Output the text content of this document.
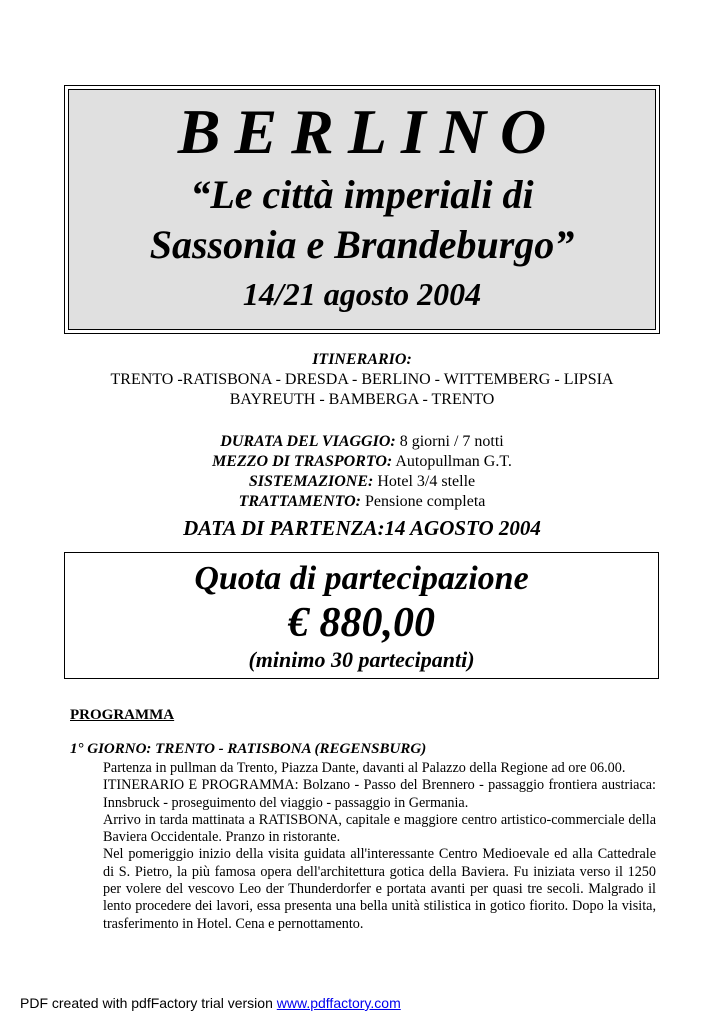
BERLINO
“Le città imperiali di
Sassonia e Brandeburgo”
14/21 agosto 2004
ITINERARIO:
TRENTO -RATISBONA - DRESDA - BERLINO - WITTEMBERG - LIPSIA
BAYREUTH - BAMBERGA - TRENTO
DURATA DEL VIAGGIO: 8 giorni / 7 notti
MEZZO DI TRASPORTO: Autopullman G.T.
SISTEMAZIONE: Hotel 3/4 stelle
TRATTAMENTO: Pensione completa
DATA DI PARTENZA:14 AGOSTO 2004
Quota di partecipazione
€ 880,00
(minimo 30 partecipanti)
PROGRAMMA
1° GIORNO: TRENTO - RATISBONA (REGENSBURG)

Partenza in pullman da Trento, Piazza Dante, davanti al Palazzo della Regione ad ore 06.00.

ITINERARIO E PROGRAMMA: Bolzano - Passo del Brennero - passaggio frontiera austriaca: Innsbruck - proseguimento del viaggio - passaggio in Germania.

Arrivo in tarda mattinata a RATISBONA, capitale e maggiore centro artistico-commerciale della Baviera Occidentale. Pranzo in ristorante.

Nel pomeriggio inizio della visita guidata all'interessante Centro Medioevale ed alla Cattedrale di S. Pietro, la più famosa opera dell'architettura gotica della Baviera. Fu iniziata verso il 1250 per volere del vescovo Leo der Thunderdorfer e portata avanti per quasi tre secoli. Malgrado il lento procedere dei lavori, essa presenta una bella unità stilistica in gotico fiorito. Dopo la visita, trasferimento in Hotel. Cena e pernottamento.

PDF created with pdfFactory trial version www.pdffactory.com
